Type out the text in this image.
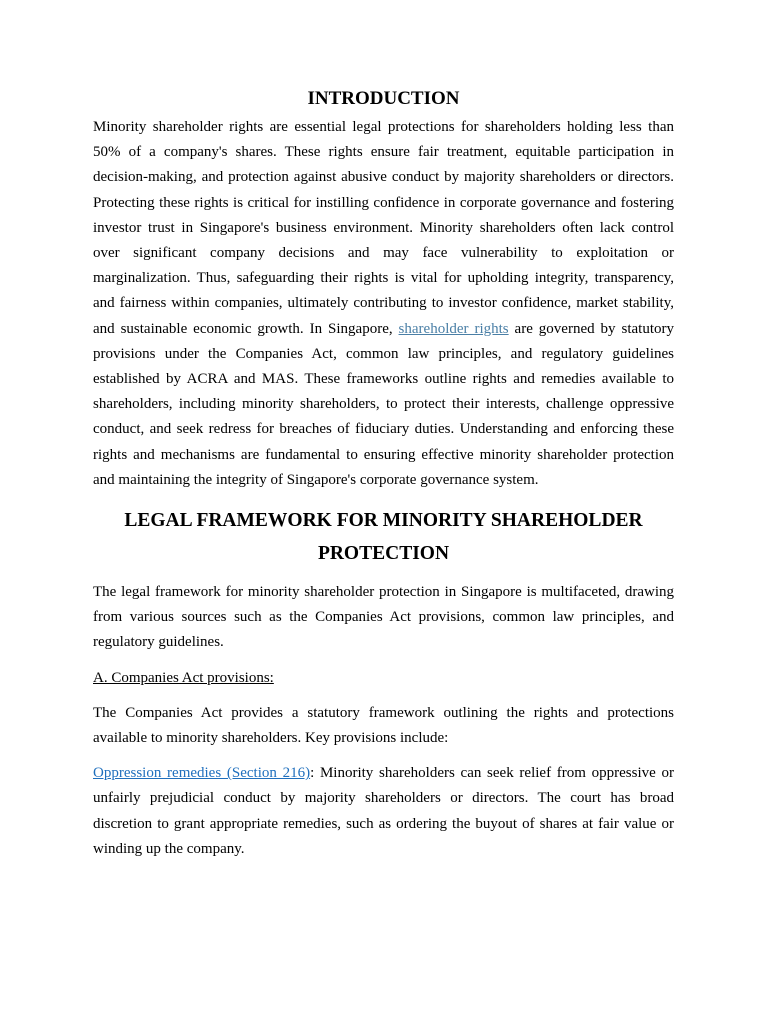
INTRODUCTION

Minority shareholder rights are essential legal protections for shareholders holding less than 50% of a company's shares. These rights ensure fair treatment, equitable participation in decision-making, and protection against abusive conduct by majority shareholders or directors. Protecting these rights is critical for instilling confidence in corporate governance and fostering investor trust in Singapore's business environment. Minority shareholders often lack control over significant company decisions and may face vulnerability to exploitation or marginalization. Thus, safeguarding their rights is vital for upholding integrity, transparency, and fairness within companies, ultimately contributing to investor confidence, market stability, and sustainable economic growth. In Singapore, shareholder rights are governed by statutory provisions under the Companies Act, common law principles, and regulatory guidelines established by ACRA and MAS. These frameworks outline rights and remedies available to shareholders, including minority shareholders, to protect their interests, challenge oppressive conduct, and seek redress for breaches of fiduciary duties. Understanding and enforcing these rights and mechanisms are fundamental to ensuring effective minority shareholder protection and maintaining the integrity of Singapore's corporate governance system.

LEGAL FRAMEWORK FOR MINORITY SHAREHOLDER PROTECTION

The legal framework for minority shareholder protection in Singapore is multifaceted, drawing from various sources such as the Companies Act provisions, common law principles, and regulatory guidelines.

A. Companies Act provisions:

The Companies Act provides a statutory framework outlining the rights and protections available to minority shareholders. Key provisions include:

Oppression remedies (Section 216): Minority shareholders can seek relief from oppressive or unfairly prejudicial conduct by majority shareholders or directors. The court has broad discretion to grant appropriate remedies, such as ordering the buyout of shares at fair value or winding up the company.
